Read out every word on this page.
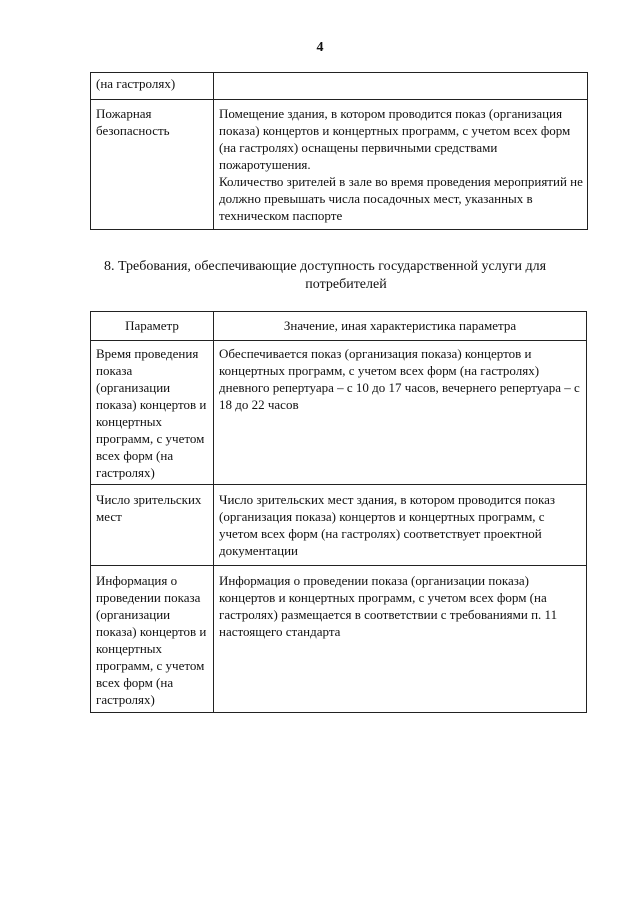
4
(на гастролях)	
Пожарная безопасность	Помещение здания, в котором проводится показ (организация показа) концертов и концертных программ, с учетом всех форм (на гастролях) оснащены первичными средствами пожаротушения.
Количество зрителей в зале во время проведения мероприятий не должно превышать числа посадочных мест, указанных в техническом паспорте
8. Требования, обеспечивающие доступность государственной услуги для
потребителей
Параметр	Значение, иная характеристика параметра
Время проведения показа (организации показа) концертов и концертных программ, с учетом всех форм (на гастролях)	Обеспечивается показ (организация показа) концертов и концертных программ, с учетом всех форм (на гастролях) дневного репертуара – с 10 до 17 часов, вечернего репертуара – с 18 до 22 часов
Число зрительских мест	Число зрительских мест здания, в котором проводится показ (организация показа) концертов и концертных программ, с учетом всех форм (на гастролях) соответствует проектной документации
Информация о проведении показа (организации показа) концертов и концертных программ, с учетом всех форм (на гастролях)	Информация о проведении показа (организации показа) концертов и концертных программ, с учетом всех форм (на гастролях) размещается в соответствии с требованиями п. 11 настоящего стандарта
